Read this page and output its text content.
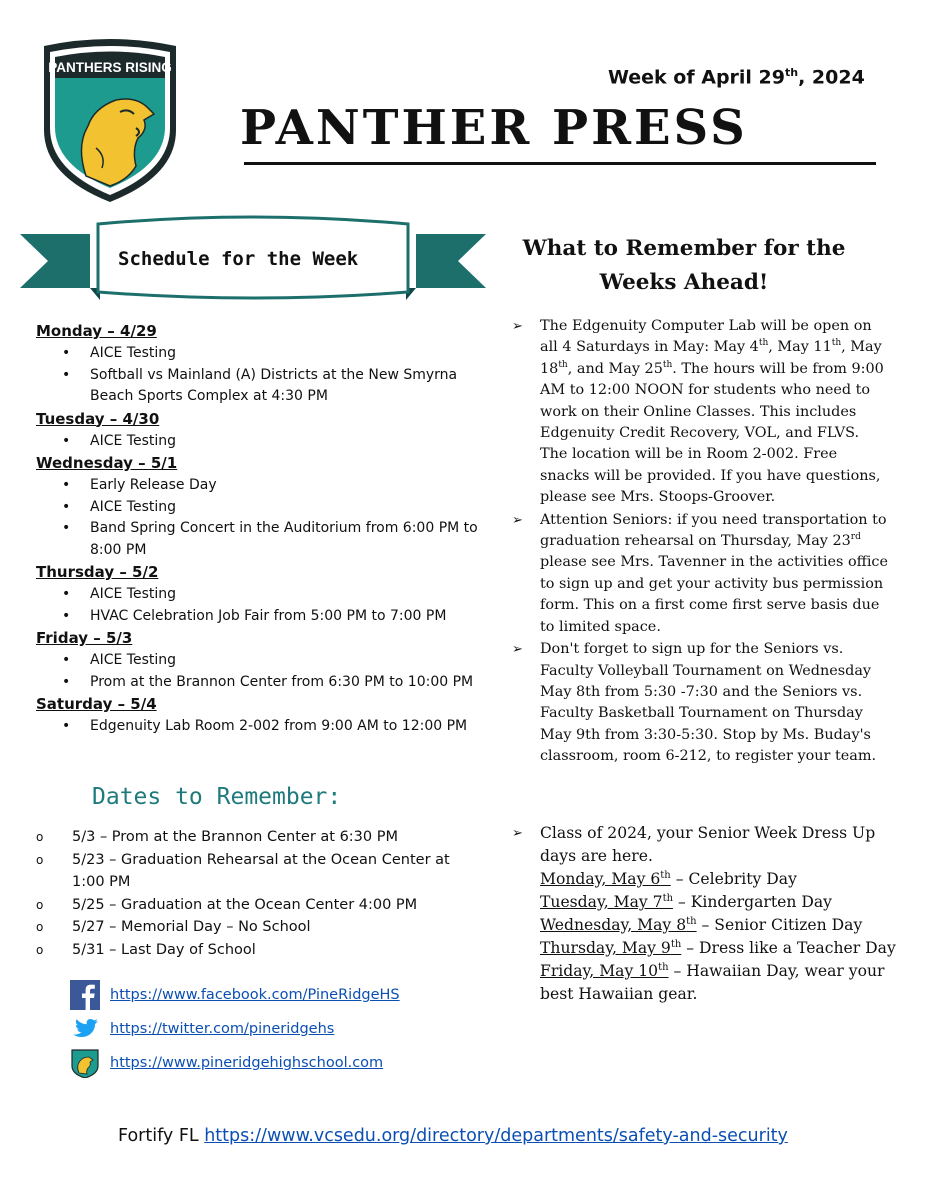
PANTHERS RISING	Week of April 29th, 2024
PANTHER PRESS
Schedule for the Week
Monday – 4/29
• AICE Testing
• Softball vs Mainland (A) Districts at the New Smyrna Beach Sports Complex at 4:30 PM
Tuesday – 4/30
• AICE Testing
Wednesday – 5/1
• Early Release Day
• AICE Testing
• Band Spring Concert in the Auditorium from 6:00 PM to 8:00 PM
Thursday – 5/2
• AICE Testing
• HVAC Celebration Job Fair from 5:00 PM to 7:00 PM
Friday – 5/3
• AICE Testing
• Prom at the Brannon Center from 6:30 PM to 10:00 PM
Saturday – 5/4
• Edgenuity Lab Room 2-002 from 9:00 AM to 12:00 PM
Dates to Remember:
o 5/3 – Prom at the Brannon Center at 6:30 PM
o 5/23 – Graduation Rehearsal at the Ocean Center at 1:00 PM
o 5/25 – Graduation at the Ocean Center 4:00 PM
o 5/27 – Memorial Day – No School
o 5/31 – Last Day of School
https://www.facebook.com/PineRidgeHS
https://twitter.com/pineridgehs
https://www.pineridgehighschool.com
What to Remember for the
Weeks Ahead!
➢ The Edgenuity Computer Lab will be open on all 4 Saturdays in May: May 4th, May 11th, May 18th, and May 25th. The hours will be from 9:00 AM to 12:00 NOON for students who need to work on their Online Classes. This includes Edgenuity Credit Recovery, VOL, and FLVS. The location will be in Room 2-002. Free snacks will be provided. If you have questions, please see Mrs. Stoops-Groover.
➢ Attention Seniors: if you need transportation to graduation rehearsal on Thursday, May 23rd please see Mrs. Tavenner in the activities office to sign up and get your activity bus permission form. This on a first come first serve basis due to limited space.
➢ Don't forget to sign up for the Seniors vs. Faculty Volleyball Tournament on Wednesday May 8th from 5:30 -7:30 and the Seniors vs. Faculty Basketball Tournament on Thursday May 9th from 3:30-5:30. Stop by Ms. Buday's classroom, room 6-212, to register your team.
➢ Class of 2024, your Senior Week Dress Up days are here.
Monday, May 6th – Celebrity Day
Tuesday, May 7th – Kindergarten Day
Wednesday, May 8th – Senior Citizen Day
Thursday, May 9th – Dress like a Teacher Day
Friday, May 10th – Hawaiian Day, wear your best Hawaiian gear.
Fortify FL https://www.vcsedu.org/directory/departments/safety-and-security
